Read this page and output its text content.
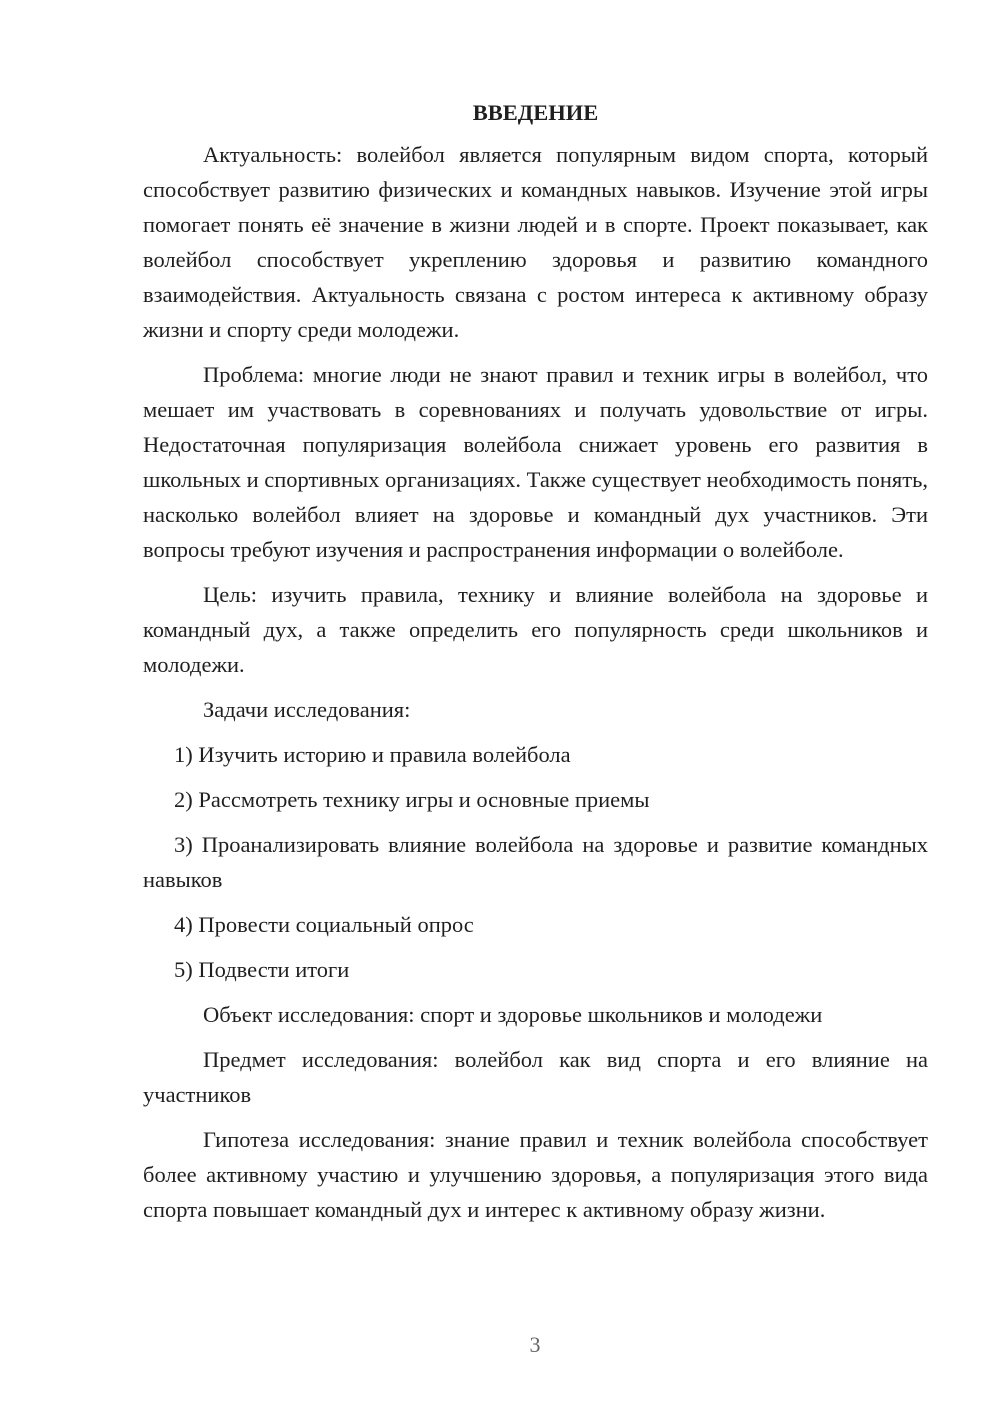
ВВЕДЕНИЕ

Актуальность: волейбол является популярным видом спорта, который способствует развитию физических и командных навыков. Изучение этой игры помогает понять её значение в жизни людей и в спорте. Проект показывает, как волейбол способствует укреплению здоровья и развитию командного взаимодействия. Актуальность связана с ростом интереса к активному образу жизни и спорту среди молодежи.

Проблема: многие люди не знают правил и техник игры в волейбол, что мешает им участвовать в соревнованиях и получать удовольствие от игры. Недостаточная популяризация волейбола снижает уровень его развития в школьных и спортивных организациях. Также существует необходимость понять, насколько волейбол влияет на здоровье и командный дух участников. Эти вопросы требуют изучения и распространения информации о волейболе.

Цель: изучить правила, технику и влияние волейбола на здоровье и командный дух, а также определить его популярность среди школьников и молодежи.

Задачи исследования:

1) Изучить историю и правила волейбола

2) Рассмотреть технику игры и основные приемы

3) Проанализировать влияние волейбола на здоровье и развитие командных навыков

4) Провести социальный опрос

5) Подвести итоги

Объект исследования: спорт и здоровье школьников и молодежи

Предмет исследования: волейбол как вид спорта и его влияние на участников

Гипотеза исследования: знание правил и техник волейбола способствует более активному участию и улучшению здоровья, а популяризация этого вида спорта повышает командный дух и интерес к активному образу жизни.

3
